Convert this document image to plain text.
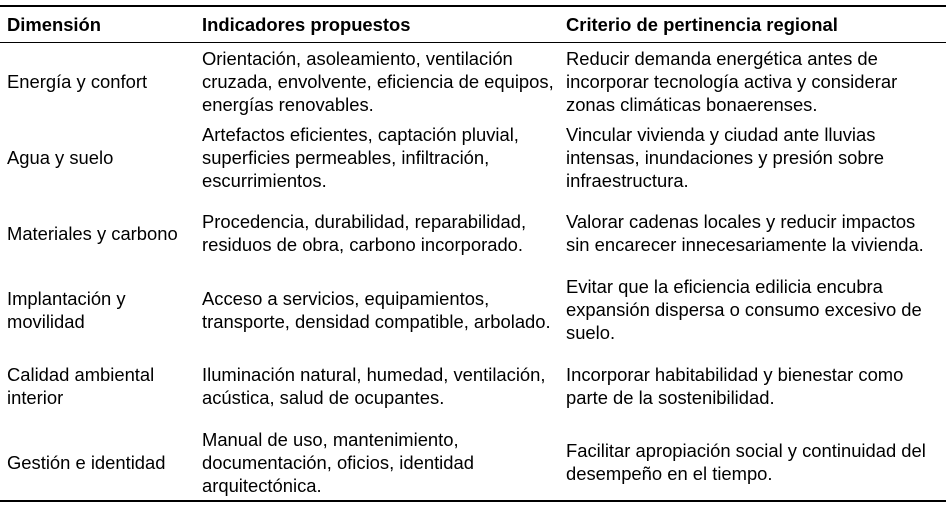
Dimensión	Indicadores propuestos	Criterio de pertinencia regional
Energía y confort	Orientación, asoleamiento, ventilación cruzada, envolvente, eficiencia de equipos, energías renovables.	Reducir demanda energética antes de incorporar tecnología activa y considerar zonas climáticas bonaerenses.
Agua y suelo	Artefactos eficientes, captación pluvial, superficies permeables, infiltración, escurrimientos.	Vincular vivienda y ciudad ante lluvias intensas, inundaciones y presión sobre infraestructura.
Materiales y carbono	Procedencia, durabilidad, reparabilidad, residuos de obra, carbono incorporado.	Valorar cadenas locales y reducir impactos sin encarecer innecesariamente la vivienda.
Implantación y movilidad	Acceso a servicios, equipamientos, transporte, densidad compatible, arbolado.	Evitar que la eficiencia edilicia encubra expansión dispersa o consumo excesivo de suelo.
Calidad ambiental interior	Iluminación natural, humedad, ventilación, acústica, salud de ocupantes.	Incorporar habitabilidad y bienestar como parte de la sostenibilidad.
Gestión e identidad	Manual de uso, mantenimiento, documentación, oficios, identidad arquitectónica.	Facilitar apropiación social y continuidad del desempeño en el tiempo.
